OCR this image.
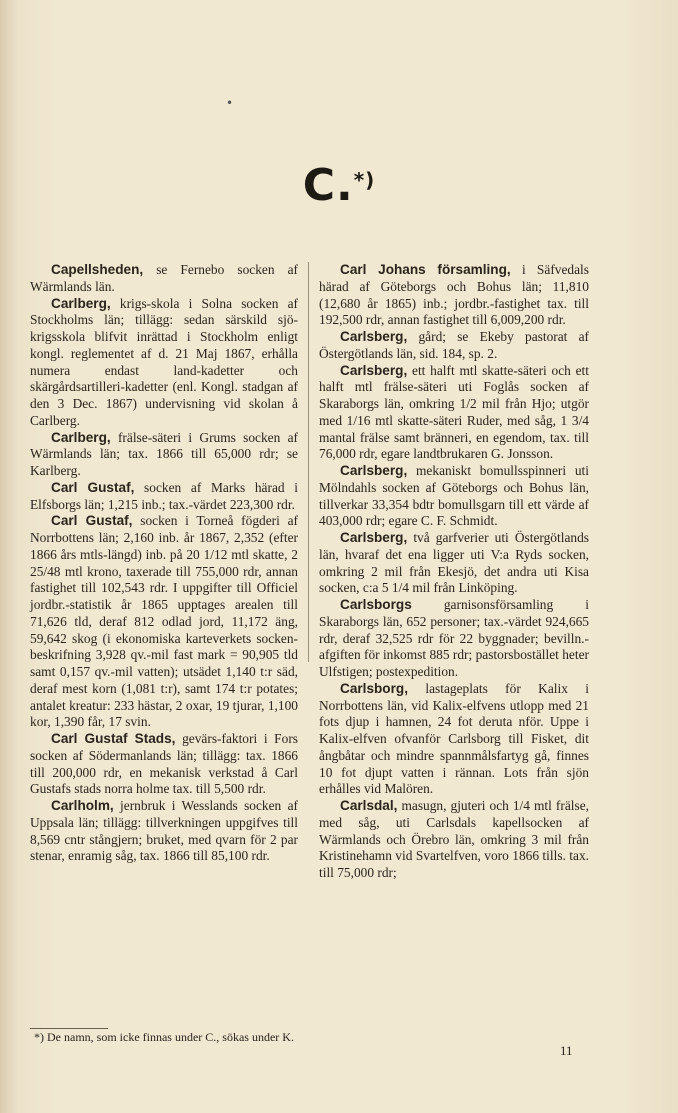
•
C.*)

Capellsheden, se Fernebo socken af Wärmlands län.

Carlberg, krigs-skola i Solna socken af Stockholms län; tillägg: sedan särskild sjö-krigsskola blifvit inrättad i Stockholm enligt kongl. reglementet af d. 21 Maj 1867, erhålla numera endast land-kadetter och skärgårdsartilleri-kadetter (enl. Kongl. stadgan af den 3 Dec. 1867) undervisning vid skolan å Carlberg.

Carlberg, frälse-säteri i Grums socken af Wärmlands län; tax. 1866 till 65,000 rdr; se Karlberg.

Carl Gustaf, socken af Marks härad i Elfsborgs län; 1,215 inb.; tax.-värdet 223,300 rdr.

Carl Gustaf, socken i Torneå fögderi af Norrbottens län; 2,160 inb. år 1867, 2,352 (efter 1866 års mtls-längd) inb. på 20 1/12 mtl skatte, 2 25/48 mtl krono, taxerade till 755,000 rdr, annan fastighet till 102,543 rdr. I uppgifter till Officiel jordbr.-statistik år 1865 upptages arealen till 71,626 tld, deraf 812 odlad jord, 11,172 äng, 59,642 skog (i ekonomiska karteverkets socken-beskrifning 3,928 qv.-mil fast mark = 90,905 tld samt 0,157 qv.-mil vatten); utsädet 1,140 t:r säd, deraf mest korn (1,081 t:r), samt 174 t:r potates; antalet kreatur: 233 hästar, 2 oxar, 19 tjurar, 1,100 kor, 1,390 får, 17 svin.

Carl Gustaf Stads, gevärs-faktori i Fors socken af Södermanlands län; tillägg: tax. 1866 till 200,000 rdr, en mekanisk verkstad å Carl Gustafs stads norra holme tax. till 5,500 rdr.

Carlholm, jernbruk i Wesslands socken af Uppsala län; tillägg: tillverkningen uppgifves till 8,569 cntr stångjern; bruket, med qvarn för 2 par stenar, enramig såg, tax. 1866 till 85,100 rdr.

Carl Johans församling, i Säfvedals härad af Göteborgs och Bohus län; 11,810 (12,680 år 1865) inb.; jordbr.-fastighet tax. till 192,500 rdr, annan fastighet till 6,009,200 rdr.

Carlsberg, gård; se Ekeby pastorat af Östergötlands län, sid. 184, sp. 2.

Carlsberg, ett halft mtl skatte-säteri och ett halft mtl frälse-säteri uti Foglås socken af Skaraborgs län, omkring 1/2 mil från Hjo; utgör med 1/16 mtl skatte-säteri Ruder, med såg, 1 3/4 mantal frälse samt bränneri, en egendom, tax. till 76,000 rdr, egare landtbrukaren G. Jonsson.

Carlsberg, mekaniskt bomullsspinneri uti Mölndahls socken af Göteborgs och Bohus län, tillverkar 33,354 bdtr bomullsgarn till ett värde af 403,000 rdr; egare C. F. Schmidt.

Carlsberg, två garfverier uti Östergötlands län, hvaraf det ena ligger uti V:a Ryds socken, omkring 2 mil från Ekesjö, det andra uti Kisa socken, c:a 5 1/4 mil från Linköping.

Carlsborgs garnisonsförsamling i Skaraborgs län, 652 personer; tax.-värdet 924,665 rdr, deraf 32,525 rdr för 22 byggnader; bevilln.-afgiften för inkomst 885 rdr; pastorsbostället heter Ulfstigen; postexpedition.

Carlsborg, lastageplats för Kalix i Norrbottens län, vid Kalix-elfvens utlopp med 21 fots djup i hamnen, 24 fot deruta nför. Uppe i Kalix-elfven ofvanför Carlsborg till Fisket, dit ångbåtar och mindre spannmålsfartyg gå, finnes 10 fot djupt vatten i rännan. Lots från sjön erhålles vid Malören.

Carlsdal, masugn, gjuteri och 1/4 mtl frälse, med såg, uti Carlsdals kapellsocken af Wärmlands och Örebro län, omkring 3 mil från Kristinehamn vid Svartelfven, voro 1866 tills. tax. till 75,000 rdr;

*) De namn, som icke finnas under C., sökas under K.
11
